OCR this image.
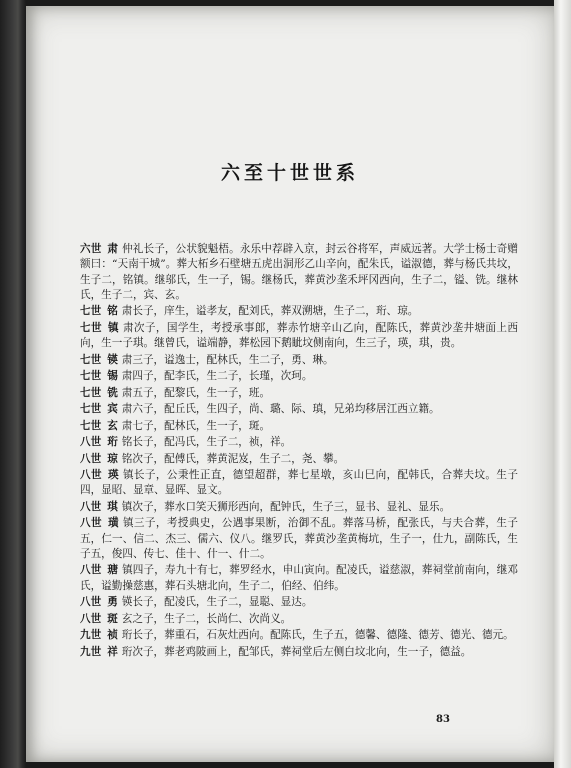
六至十世世系

六世 肃 仲礼长子，公状貌魁梧。永乐中荐辟入京，封云谷将军，声威远著。大学士杨士奇赠额曰：“天南干城”。葬大柘乡石壁塘五虎出洞形乙山辛向，配朱氏，谥淑德，葬与杨氏共坟，生子二，铭镇。继邬氏，生一子，锡。继杨氏，葬黄沙垄禾坪冈西向，生子二，镒、铣。继林氏，生子二，宾、玄。

七世 铭 肃长子，庠生，谥孝友，配刘氏，葬双溯塘，生子二，珩、琼。

七世 镇 肃次子，国学生，考授承事郎，葬赤竹塘辛山乙向，配陈氏，葬黄沙垄井塘面上西向，生一子琪。继曾氏，谥端静，葬松园下鹅眦坟侧南向，生三子，瑛，琪，贵。

七世 锳 肃三子，谥逸士，配林氏，生二子，勇、琳。

七世 锡 肃四子，配李氏，生二子，长瑾，次珂。

七世 铣 肃五子，配黎氏，生一子，班。

七世 宾 肃六子，配丘氏，生四子，尚、璐、际、瑱，兄弟均移居江西立籍。

七世 玄 肃七子，配林氏，生一子，斑。

八世 珩 铭长子，配冯氏，生子二，祯，祥。

八世 琼 铭次子，配傅氏，葬黄泥岌，生子二，尧、攀。

八世 瑛 镇长子，公秉性正直，德望超群，葬七星墩，亥山巳向，配韩氏，合葬夫坟。生子四，显昭、显章、显晖、显文。

八世 琪 镇次子，葬水口笑天狮形西向，配钟氏，生子三，显书、显礼、显乐。

八世 璜 镇三子，考授典史，公遇事果断，治御不乱。葬落马桥，配张氏，与夫合葬，生子五，仁一、信二、杰三、儒六、仪八。继罗氏，葬黄沙垄黄梅坑，生子一，仕九，副陈氏，生子五，俊四、传七、佳十、什一、什二。

八世 瑭 镇四子，寿九十有七，葬罗经水，申山寅向。配凌氏，谥慈淑，葬祠堂前南向，继邓氏，谥勤操慈惠，葬石头塘北向，生子二，伯经、伯纬。

八世 勇 锳长子，配凌氏，生子二，显聪、显达。

八世 斑 玄之子，生子二，长尚仁、次尚义。

九世 祯 珩长子，葬重石，石灰灶西向。配陈氏，生子五，德馨、德隆、德芳、德光、德元。

九世 祥 珩次子，葬老鸡陂画上，配邹氏，葬祠堂后左侧白坟北向，生一子，德益。

83
